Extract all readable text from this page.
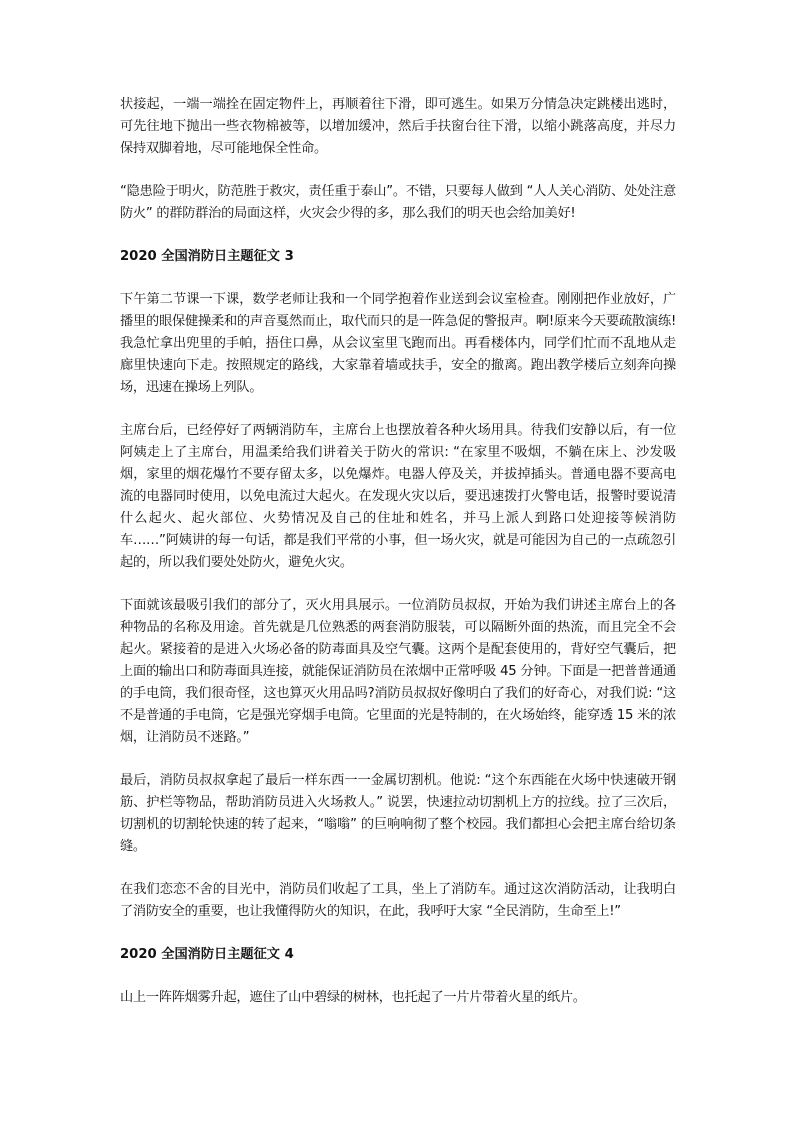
状接起，一端一端拴在固定物件上，再顺着往下滑，即可逃生。如果万分情急决定跳楼出逃时，可先往地下抛出一些衣物棉被等，以增加缓冲，然后手扶窗台往下滑，以缩小跳落高度，并尽力保持双脚着地，尽可能地保全性命。

“隐患险于明火，防范胜于救灾，责任重于泰山”。不错，只要每人做到 “人人关心消防、处处注意防火” 的群防群治的局面这样，火灾会少得的多，那么我们的明天也会给加美好!

2020 全国消防日主题征文 3

下午第二节课一下课，数学老师让我和一个同学抱着作业送到会议室检查。刚刚把作业放好，广播里的眼保健操柔和的声音戛然而止，取代而只的是一阵急促的警报声。啊!原来今天要疏散演练!我急忙拿出兜里的手帕，捂住口鼻，从会议室里飞跑而出。再看楼体内，同学们忙而不乱地从走廊里快速向下走。按照规定的路线，大家靠着墙或扶手，安全的撤离。跑出教学楼后立刻奔向操场，迅速在操场上列队。

主席台后，已经停好了两辆消防车，主席台上也摆放着各种火场用具。待我们安静以后，有一位阿姨走上了主席台，用温柔给我们讲着关于防火的常识: “在家里不吸烟，不躺在床上、沙发吸烟，家里的烟花爆竹不要存留太多，以免爆炸。电器人停及关，并拔掉插头。普通电器不要高电流的电器同时使用，以免电流过大起火。在发现火灾以后，要迅速拨打火警电话，报警时要说清什么起火、起火部位、火势情况及自己的住址和姓名，并马上派人到路口处迎接等候消防车……”阿姨讲的每一句话，都是我们平常的小事，但一场火灾，就是可能因为自己的一点疏忽引起的，所以我们要处处防火，避免火灾。

下面就该最吸引我们的部分了，灭火用具展示。一位消防员叔叔，开始为我们讲述主席台上的各种物品的名称及用途。首先就是几位熟悉的两套消防服装，可以隔断外面的热流，而且完全不会起火。紧接着的是进入火场必备的防毒面具及空气囊。这两个是配套使用的，背好空气囊后，把上面的输出口和防毒面具连接，就能保证消防员在浓烟中正常呼吸 45 分钟。下面是一把普普通通的手电筒，我们很奇怪，这也算灭火用品吗?消防员叔叔好像明白了我们的好奇心，对我们说: “这不是普通的手电筒，它是强光穿烟手电筒。它里面的光是特制的，在火场始终，能穿透 15 米的浓烟，让消防员不迷路。”

最后，消防员叔叔拿起了最后一样东西一一金属切割机。他说: “这个东西能在火场中快速破开钢筋、护栏等物品，帮助消防员进入火场救人。” 说罢，快速拉动切割机上方的拉线。拉了三次后，切割机的切割轮快速的转了起来，“嗡嗡” 的巨响响彻了整个校园。我们都担心会把主席台给切条缝。

在我们恋恋不舍的目光中，消防员们收起了工具，坐上了消防车。通过这次消防活动，让我明白了消防安全的重要，也让我懂得防火的知识，在此，我呼吁大家 “全民消防，生命至上!”

2020 全国消防日主题征文 4

山上一阵阵烟雾升起，遮住了山中碧绿的树林，也托起了一片片带着火星的纸片。
